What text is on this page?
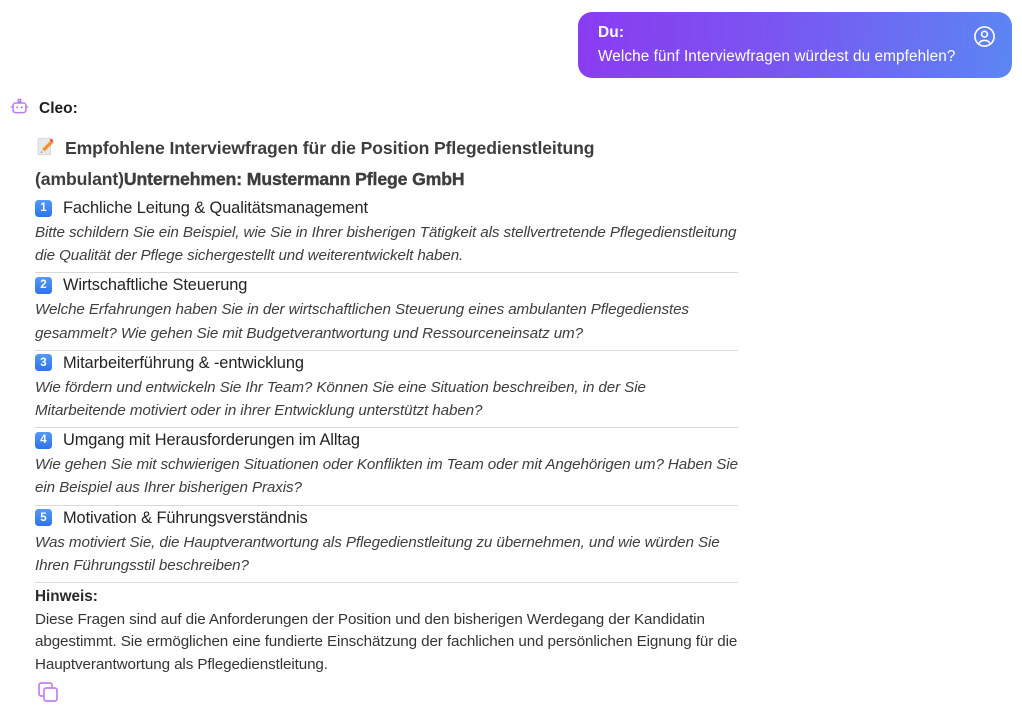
Du:
Welche fünf Interviewfragen würdest du empfehlen?
Cleo:
Empfohlene Interviewfragen für die Position Pflegedienstleitung (ambulant)Unternehmen: Mustermann Pflege GmbH
1 Fachliche Leitung & Qualitätsmanagement

Bitte schildern Sie ein Beispiel, wie Sie in Ihrer bisherigen Tätigkeit als stellvertretende Pflegedienstleitung die Qualität der Pflege sichergestellt und weiterentwickelt haben.

2 Wirtschaftliche Steuerung

Welche Erfahrungen haben Sie in der wirtschaftlichen Steuerung eines ambulanten Pflegedienstes gesammelt? Wie gehen Sie mit Budgetverantwortung und Ressourceneinsatz um?

3 Mitarbeiterführung & -entwicklung

Wie fördern und entwickeln Sie Ihr Team? Können Sie eine Situation beschreiben, in der Sie Mitarbeitende motiviert oder in ihrer Entwicklung unterstützt haben?

4 Umgang mit Herausforderungen im Alltag

Wie gehen Sie mit schwierigen Situationen oder Konflikten im Team oder mit Angehörigen um? Haben Sie ein Beispiel aus Ihrer bisherigen Praxis?

5 Motivation & Führungsverständnis

Was motiviert Sie, die Hauptverantwortung als Pflegedienstleitung zu übernehmen, und wie würden Sie Ihren Führungsstil beschreiben?

Hinweis:

Diese Fragen sind auf die Anforderungen der Position und den bisherigen Werdegang der Kandidatin abgestimmt. Sie ermöglichen eine fundierte Einschätzung der fachlichen und persönlichen Eignung für die Hauptverantwortung als Pflegedienstleitung.
